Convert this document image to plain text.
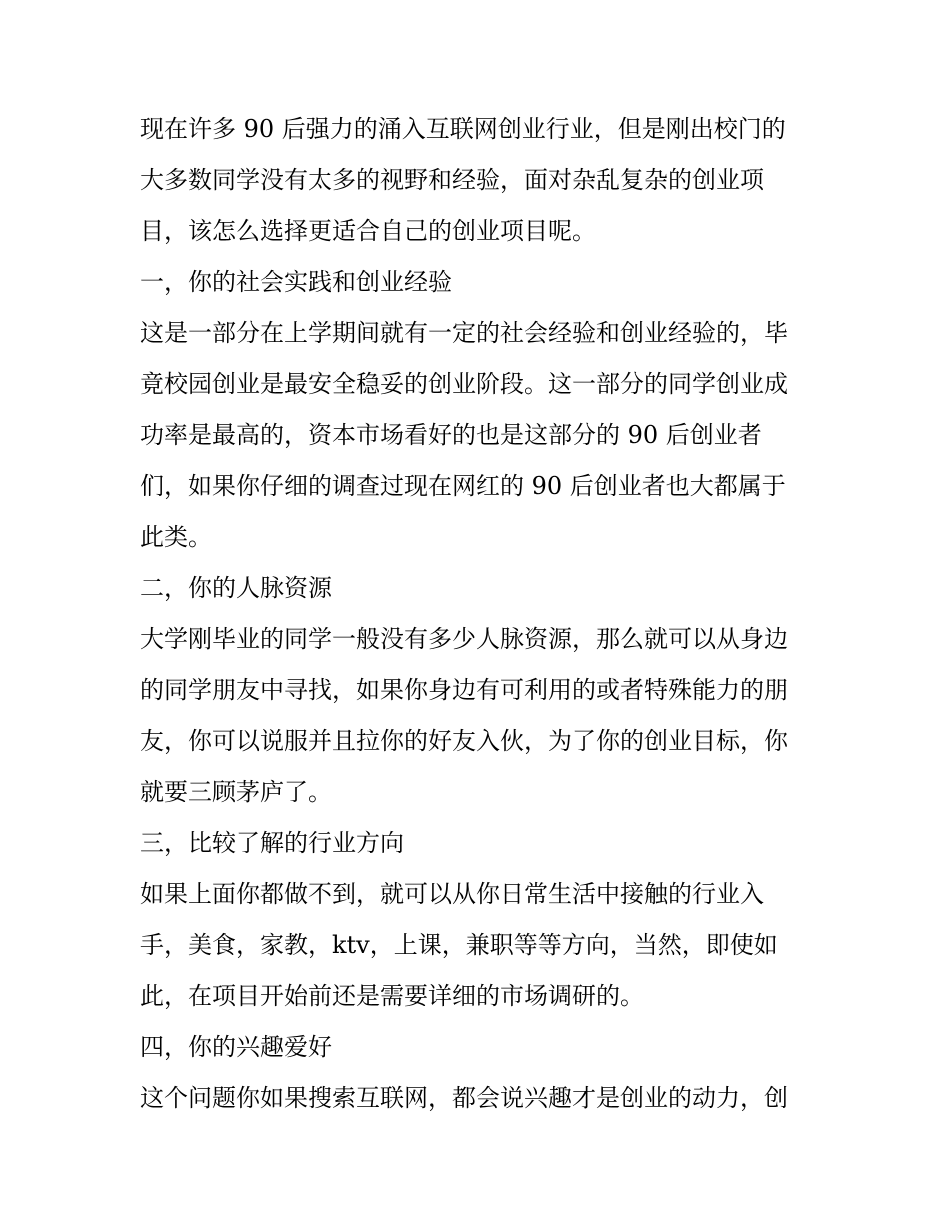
现在许多 90 后强力的涌入互联网创业行业，但是刚出校门的
大多数同学没有太多的视野和经验，面对杂乱复杂的创业项
目，该怎么选择更适合自己的创业项目呢。
一，你的社会实践和创业经验
这是一部分在上学期间就有一定的社会经验和创业经验的，毕
竟校园创业是最安全稳妥的创业阶段。这一部分的同学创业成
功率是最高的，资本市场看好的也是这部分的 90 后创业者
们，如果你仔细的调查过现在网红的 90 后创业者也大都属于
此类。
二，你的人脉资源
大学刚毕业的同学一般没有多少人脉资源，那么就可以从身边
的同学朋友中寻找，如果你身边有可利用的或者特殊能力的朋
友，你可以说服并且拉你的好友入伙，为了你的创业目标，你
就要三顾茅庐了。
三，比较了解的行业方向
如果上面你都做不到，就可以从你日常生活中接触的行业入
手，美食，家教，ktv，上课，兼职等等方向，当然，即使如
此，在项目开始前还是需要详细的市场调研的。
四，你的兴趣爱好
这个问题你如果搜索互联网，都会说兴趣才是创业的动力，创
